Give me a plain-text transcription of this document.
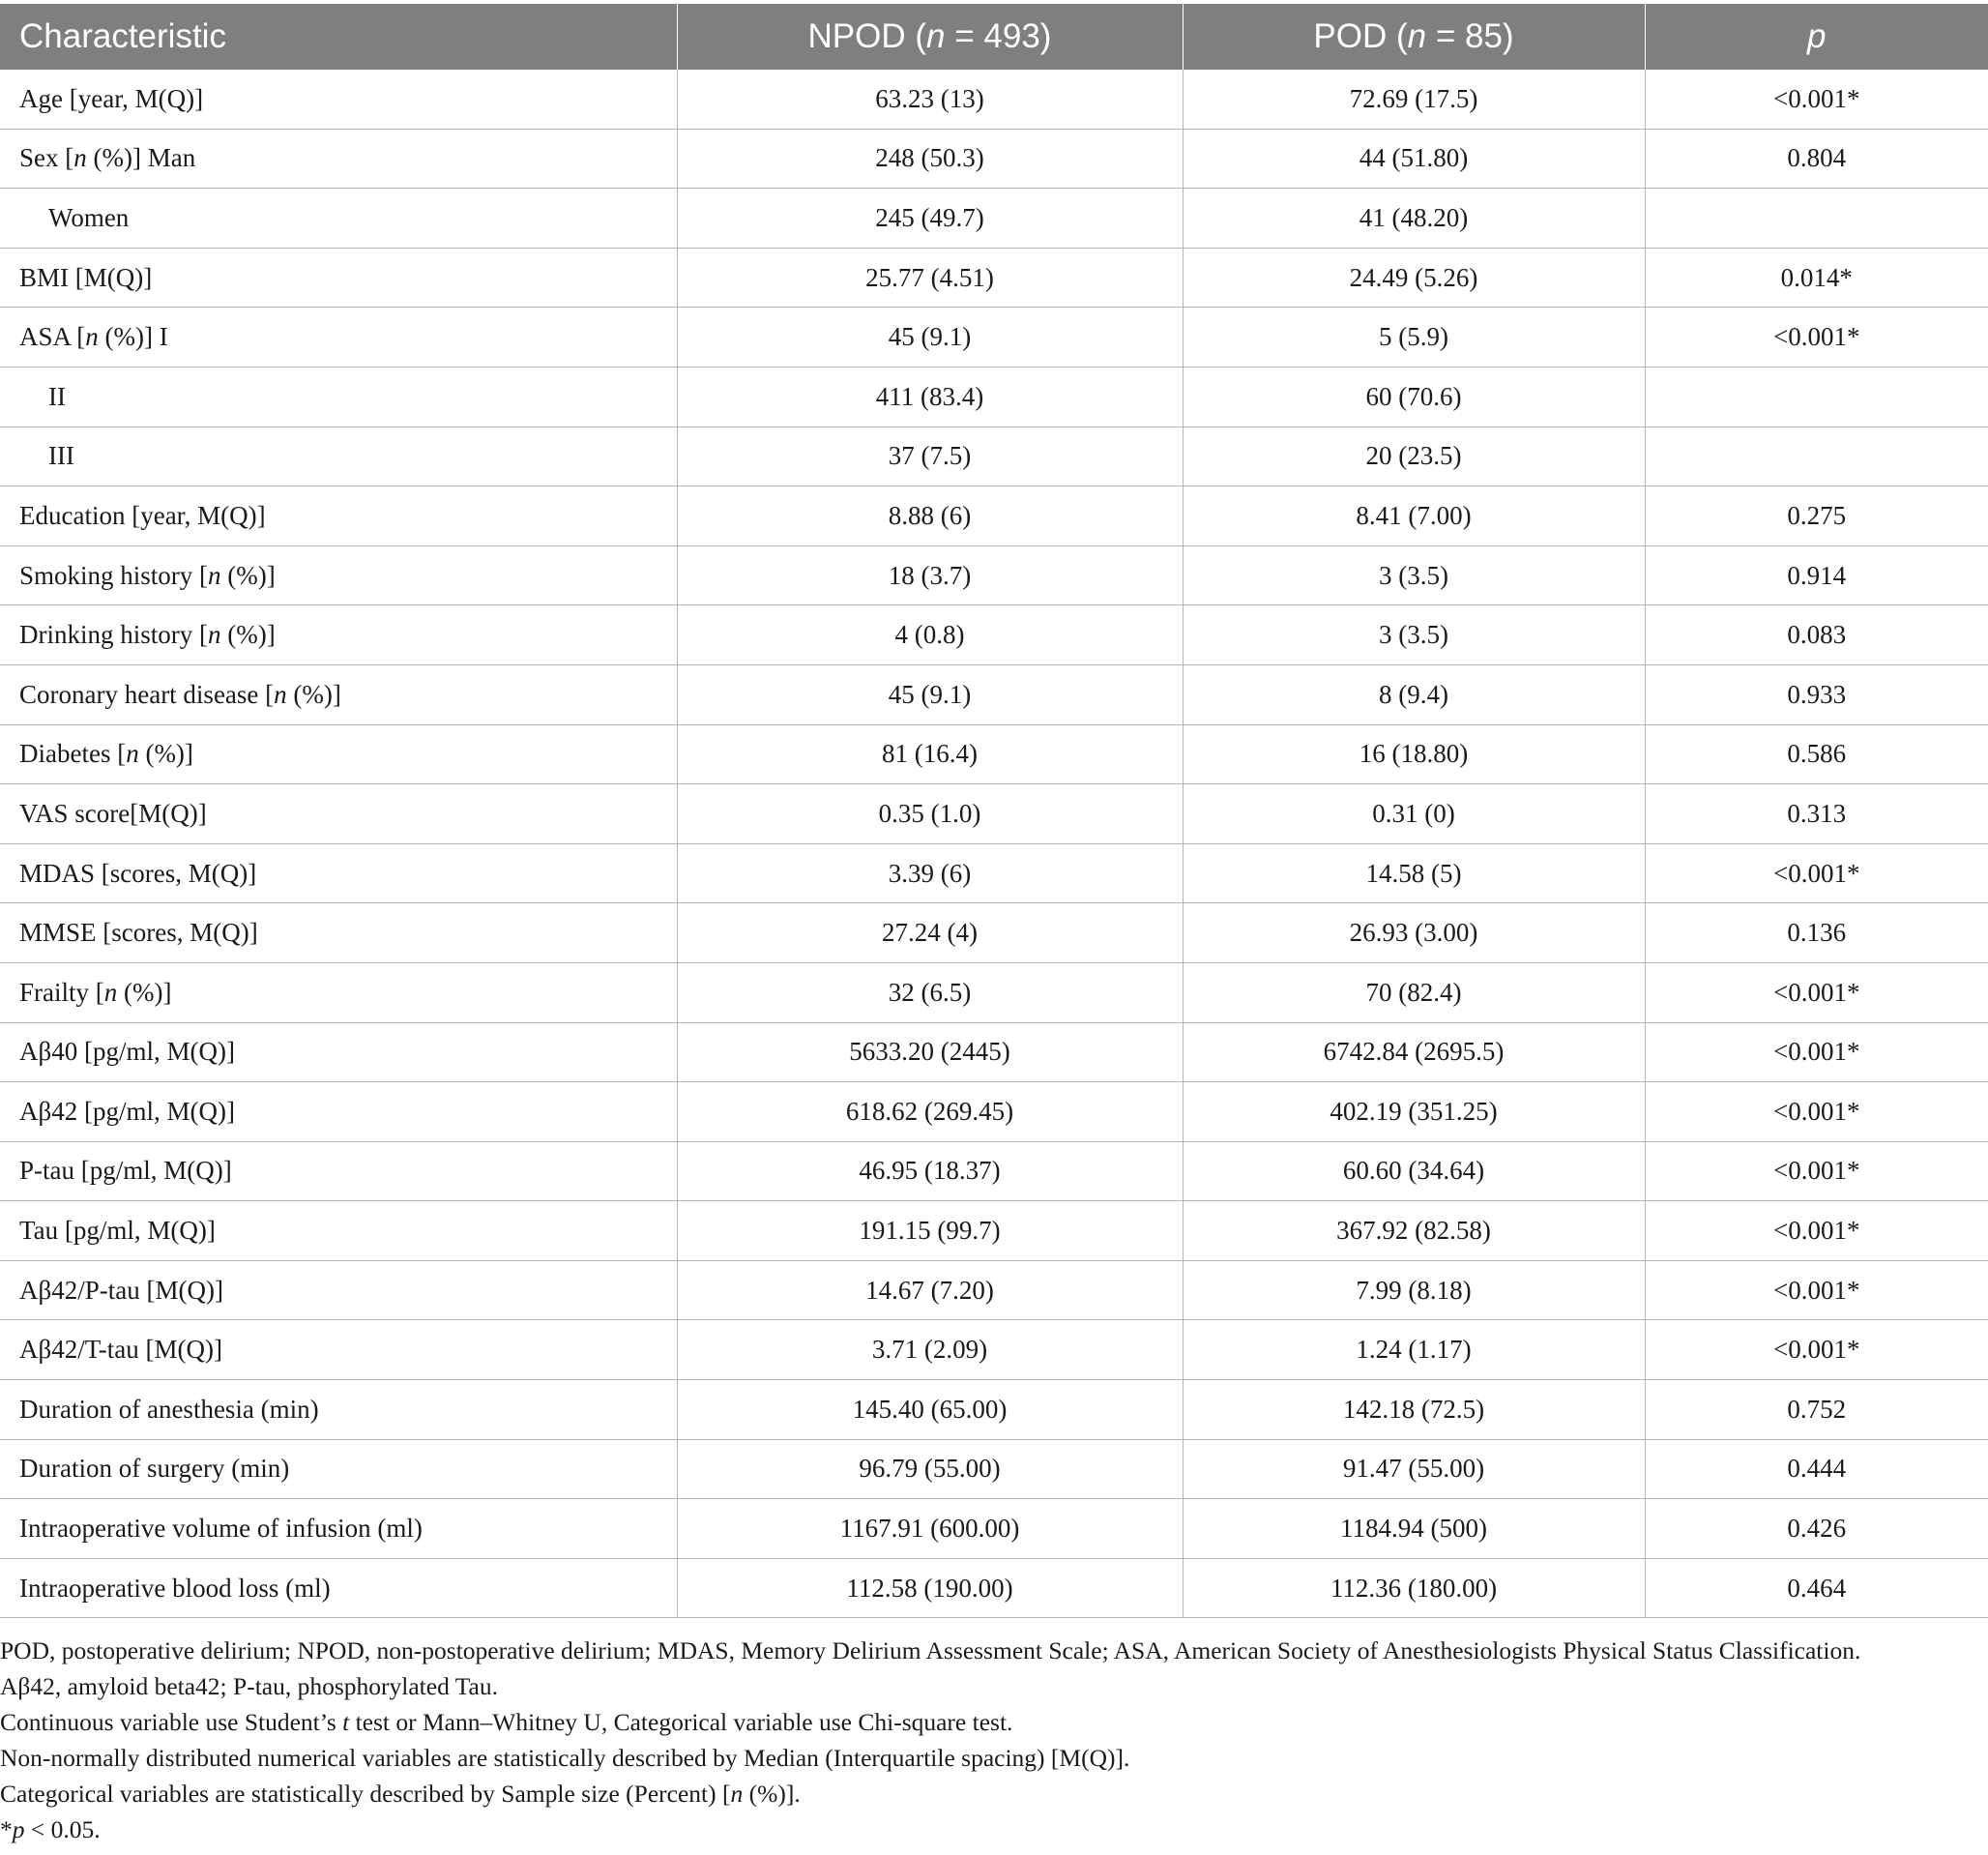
Characteristic	NPOD (n = 493)	POD (n = 85)	p
Age [year, M(Q)]	63.23 (13)	72.69 (17.5)	<0.001*
Sex [n (%)] Man	248 (50.3)	44 (51.80)	0.804
Women	245 (49.7)	41 (48.20)	
BMI [M(Q)]	25.77 (4.51)	24.49 (5.26)	0.014*
ASA [n (%)] I	45 (9.1)	5 (5.9)	<0.001*
II	411 (83.4)	60 (70.6)	
III	37 (7.5)	20 (23.5)	
Education [year, M(Q)]	8.88 (6)	8.41 (7.00)	0.275
Smoking history [n (%)]	18 (3.7)	3 (3.5)	0.914
Drinking history [n (%)]	4 (0.8)	3 (3.5)	0.083
Coronary heart disease [n (%)]	45 (9.1)	8 (9.4)	0.933
Diabetes [n (%)]	81 (16.4)	16 (18.80)	0.586
VAS score[M(Q)]	0.35 (1.0)	0.31 (0)	0.313
MDAS [scores, M(Q)]	3.39 (6)	14.58 (5)	<0.001*
MMSE [scores, M(Q)]	27.24 (4)	26.93 (3.00)	0.136
Frailty [n (%)]	32 (6.5)	70 (82.4)	<0.001*
Aβ40 [pg/ml, M(Q)]	5633.20 (2445)	6742.84 (2695.5)	<0.001*
Aβ42 [pg/ml, M(Q)]	618.62 (269.45)	402.19 (351.25)	<0.001*
P-tau [pg/ml, M(Q)]	46.95 (18.37)	60.60 (34.64)	<0.001*
Tau [pg/ml, M(Q)]	191.15 (99.7)	367.92 (82.58)	<0.001*
Aβ42/P-tau [M(Q)]	14.67 (7.20)	7.99 (8.18)	<0.001*
Aβ42/T-tau [M(Q)]	3.71 (2.09)	1.24 (1.17)	<0.001*
Duration of anesthesia (min)	145.40 (65.00)	142.18 (72.5)	0.752
Duration of surgery (min)	96.79 (55.00)	91.47 (55.00)	0.444
Intraoperative volume of infusion (ml)	1167.91 (600.00)	1184.94 (500)	0.426
Intraoperative blood loss (ml)	112.58 (190.00)	112.36 (180.00)	0.464

POD, postoperative delirium; NPOD, non-postoperative delirium; MDAS, Memory Delirium Assessment Scale; ASA, American Society of Anesthesiologists Physical Status Classification.

Aβ42, amyloid beta42; P-tau, phosphorylated Tau.

Continuous variable use Student’s t test or Mann–Whitney U, Categorical variable use Chi-square test.

Non-normally distributed numerical variables are statistically described by Median (Interquartile spacing) [M(Q)].

Categorical variables are statistically described by Sample size (Percent) [n (%)].

*p < 0.05.
